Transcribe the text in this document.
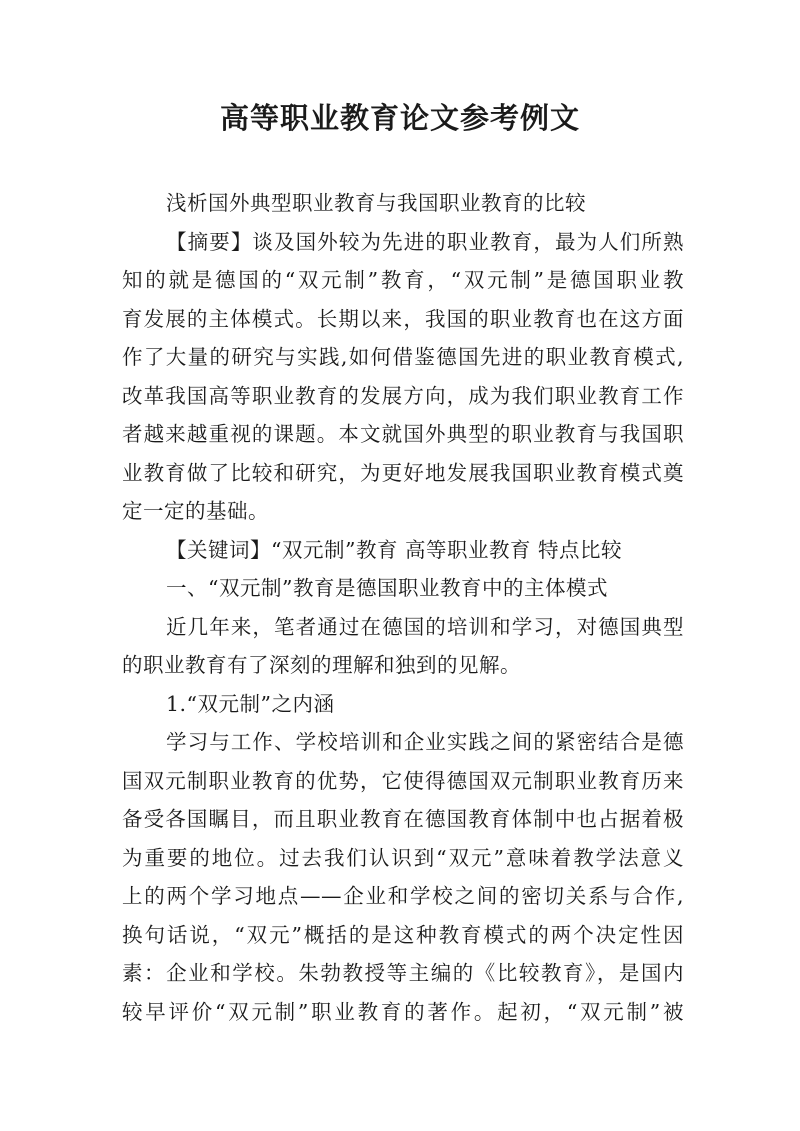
高等职业教育论文参考例文
浅析国外典型职业教育与我国职业教育的比较
【摘要】谈及国外较为先进的职业教育，最为人们所熟
知的就是德国的“双元制”教育，“双元制”是德国职业教
育发展的主体模式。长期以来，我国的职业教育也在这方面
作了大量的研究与实践,如何借鉴德国先进的职业教育模式,
改革我国高等职业教育的发展方向，成为我们职业教育工作
者越来越重视的课题。本文就国外典型的职业教育与我国职
业教育做了比较和研究，为更好地发展我国职业教育模式奠
定一定的基础。
【关键词】“双元制”教育 高等职业教育 特点比较
一、“双元制”教育是德国职业教育中的主体模式
近几年来，笔者通过在德国的培训和学习，对德国典型
的职业教育有了深刻的理解和独到的见解。
1.“双元制”之内涵
学习与工作、学校培训和企业实践之间的紧密结合是德
国双元制职业教育的优势，它使得德国双元制职业教育历来
备受各国瞩目，而且职业教育在德国教育体制中也占据着极
为重要的地位。过去我们认识到“双元”意味着教学法意义
上的两个学习地点——企业和学校之间的密切关系与合作,
换句话说，“双元”概括的是这种教育模式的两个决定性因
素：企业和学校。朱勃教授等主编的《比较教育》，是国内
较早评价“双元制”职业教育的著作。起初，“双元制”被
